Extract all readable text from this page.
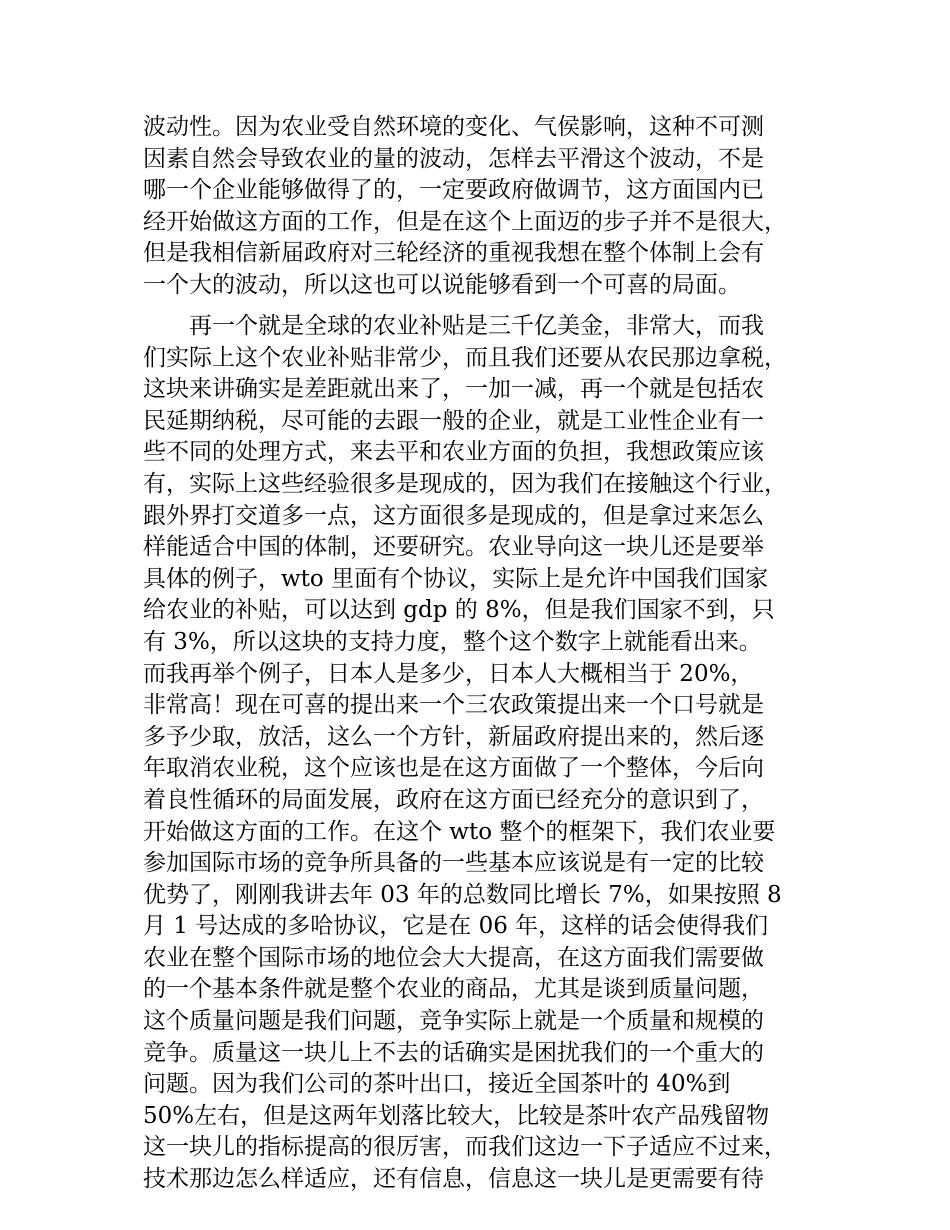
波动性。因为农业受自然环境的变化、气侯影响，这种不可测
因素自然会导致农业的量的波动，怎样去平滑这个波动，不是
哪一个企业能够做得了的，一定要政府做调节，这方面国内已
经开始做这方面的工作，但是在这个上面迈的步子并不是很大，
但是我相信新届政府对三轮经济的重视我想在整个体制上会有
一个大的波动，所以这也可以说能够看到一个可喜的局面。
再一个就是全球的农业补贴是三千亿美金，非常大，而我
们实际上这个农业补贴非常少，而且我们还要从农民那边拿税，
这块来讲确实是差距就出来了，一加一减，再一个就是包括农
民延期纳税，尽可能的去跟一般的企业，就是工业性企业有一
些不同的处理方式，来去平和农业方面的负担，我想政策应该
有，实际上这些经验很多是现成的，因为我们在接触这个行业，
跟外界打交道多一点，这方面很多是现成的，但是拿过来怎么
样能适合中国的体制，还要研究。农业导向这一块儿还是要举
具体的例子，wto 里面有个协议，实际上是允许中国我们国家
给农业的补贴，可以达到 gdp 的 8%，但是我们国家不到，只
有 3%，所以这块的支持力度，整个这个数字上就能看出来。
而我再举个例子，日本人是多少，日本人大概相当于 20%，
非常高！现在可喜的提出来一个三农政策提出来一个口号就是
多予少取，放活，这么一个方针，新届政府提出来的，然后逐
年取消农业税，这个应该也是在这方面做了一个整体，今后向
着良性循环的局面发展，政府在这方面已经充分的意识到了，
开始做这方面的工作。在这个 wto 整个的框架下，我们农业要
参加国际市场的竞争所具备的一些基本应该说是有一定的比较
优势了，刚刚我讲去年 03 年的总数同比增长 7%，如果按照 8
月 1 号达成的多哈协议，它是在 06 年，这样的话会使得我们
农业在整个国际市场的地位会大大提高，在这方面我们需要做
的一个基本条件就是整个农业的商品，尤其是谈到质量问题，
这个质量问题是我们问题，竞争实际上就是一个质量和规模的
竞争。质量这一块儿上不去的话确实是困扰我们的一个重大的
问题。因为我们公司的茶叶出口，接近全国茶叶的 40%到
50%左右，但是这两年划落比较大，比较是茶叶农产品残留物
这一块儿的指标提高的很厉害，而我们这边一下子适应不过来，
技术那边怎么样适应，还有信息，信息这一块儿是更需要有待
